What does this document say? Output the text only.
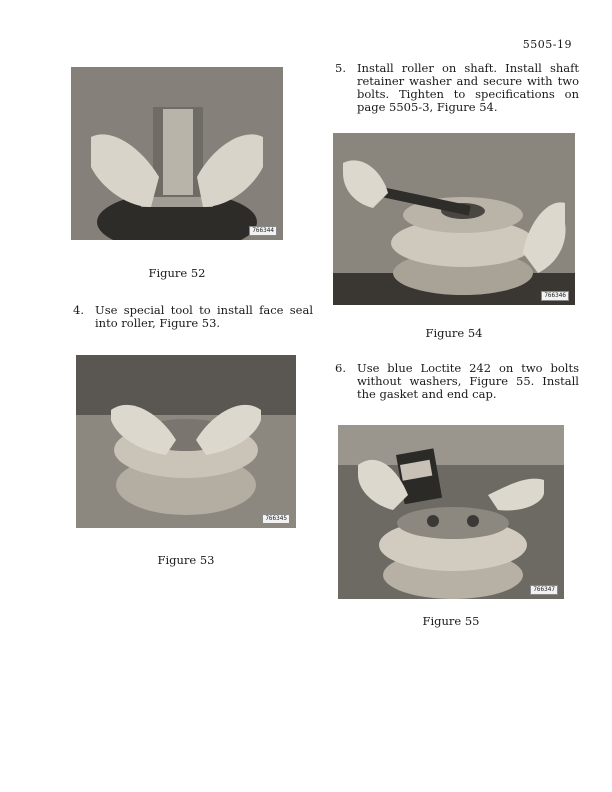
5505-19
766344
Figure 52
4. Use special tool to install face seal into roller, Figure 53.
766345
Figure 53
5. Install roller on shaft. Install shaft retainer washer and secure with two bolts. Tighten to specifications on page 5505-3, Figure 54.
766346
Figure 54
6. Use blue Loctite 242 on two bolts without washers, Figure 55. Install the gasket and end cap.
766347
Figure 55
